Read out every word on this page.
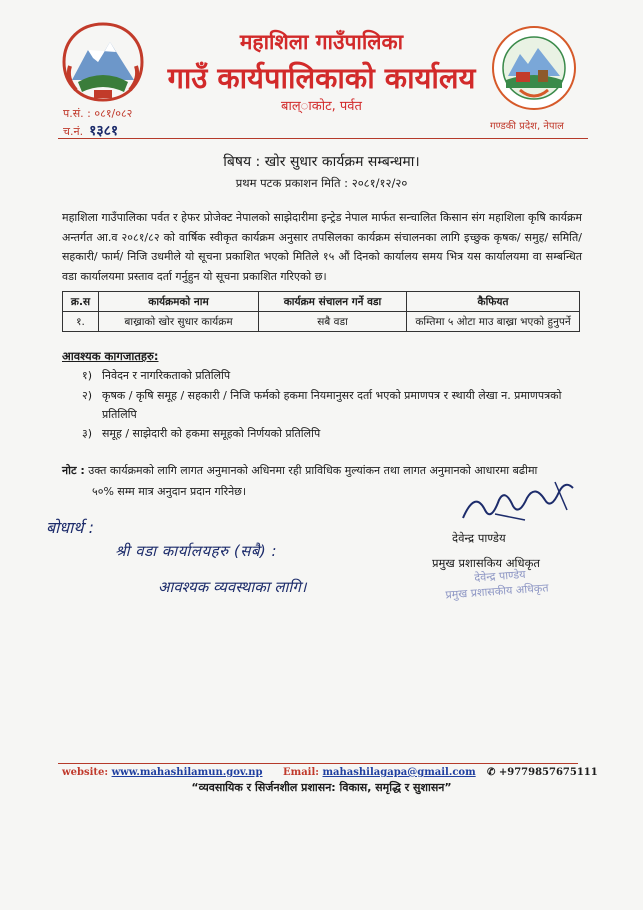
महाशिला गाउँपालिका
गाउँ कार्यपालिकाको कार्यालय
बाल्ाकोट, पर्वत
प.सं. : ०८१/०८२
च.नं. १३८१	गण्डकी प्रदेश, नेपाल
बिषय : खोर सुधार कार्यक्रम सम्बन्धमा।
प्रथम पटक प्रकाशन मिति : २०८१/१२/२०
महाशिला गाउँपालिका पर्वत र हेफर प्रोजेक्ट नेपालको साझेदारीमा इन्ट्रेड नेपाल मार्फत सन्चालित किसान संग महाशिला कृषि कार्यक्रम अन्तर्गत आ.व २०८१/८२ को वार्षिक स्वीकृत कार्यक्रम अनुसार तपसिलका कार्यक्रम संचालनका लागि इच्छुक कृषक/ समुह/ समिति/ सहकारी/ फार्म/ निजि उधमीले यो सूचना प्रकाशित भएको मितिले १५ औं दिनको कार्यालय समय भित्र यस कार्यालयमा वा सम्बन्धित वडा कार्यालयमा प्रस्ताव दर्ता गर्नुहुन यो सूचना प्रकाशित गरिएको छ।
क्र.स	कार्यक्रमको नाम	कार्यक्रम संचालन गर्ने वडा	कैफियत
१.	बाख्राको खोर सुधार कार्यक्रम	सबै वडा	कम्तिमा ५ ओटा माउ बाख्रा भएको हुनुपर्ने
आवश्यक कागजातहरु:
१) निवेदन र नागरिकताको प्रतिलिपि
२) कृषक / कृषि समूह / सहकारी / निजि फर्मको हकमा नियमानुसर दर्ता भएको प्रमाणपत्र र स्थायी लेखा न. प्रमाणपत्रको प्रतिलिपि
३) समूह / साझेदारी को हकमा समूहको निर्णयको प्रतिलिपि
नोट : उक्त कार्यक्रमको लागि लागत अनुमानको अधिनमा रही प्राविधिक मुल्यांकन तथा लागत अनुमानको आधारमा बढीमा
५०% सम्म मात्र अनुदान प्रदान गरिनेछ।
बोधार्थ :
श्री वडा कार्यालयहरु (सबै) :
आवश्यक व्यवस्थाका लागि।
देवेन्द्र पाण्डेय
प्रमुख प्रशासकिय अधिकृत
देवेन्द्र पाण्डेय
प्रमुख प्रशासकीय अधिकृत
website: www.mahashilamun.gov.np Email: mahashilagapa@gmail.com ✆ +9779857675111
“व्यवसायिक र सिर्जनशील प्रशासन: विकास, समृद्धि र सुशासन”
